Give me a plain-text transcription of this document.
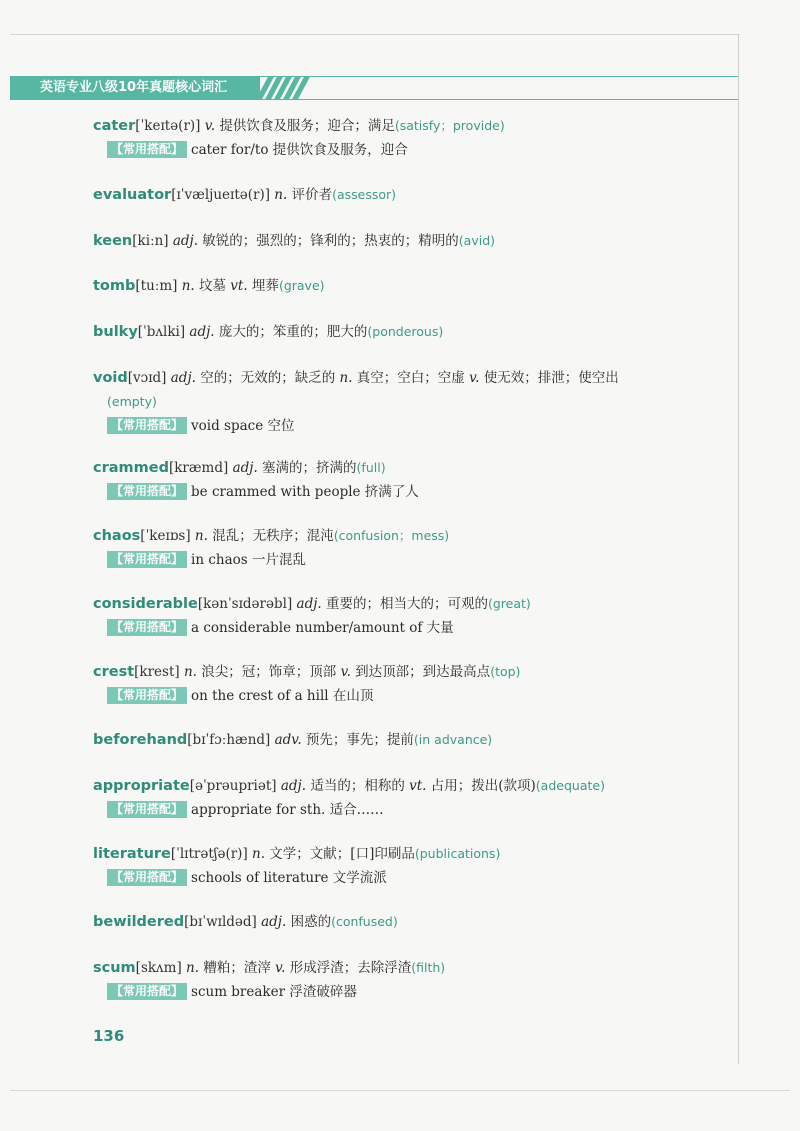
英语专业八级10年真题核心词汇
cater[ˈkeɪtə(r)] v. 提供饮食及服务；迎合；满足(satisfy；provide)
【常用搭配】 cater for/to 提供饮食及服务，迎合
evaluator[ɪˈvæljueɪtə(r)] n. 评价者(assessor)
keen[kiːn] adj. 敏锐的；强烈的；锋利的；热衷的；精明的(avid)
tomb[tuːm] n. 坟墓 vt. 埋葬(grave)
bulky[ˈbʌlki] adj. 庞大的；笨重的；肥大的(ponderous)
void[vɔɪd] adj. 空的；无效的；缺乏的 n. 真空；空白；空虚 v. 使无效；排泄；使空出
(empty)
【常用搭配】 void space 空位
crammed[kræmd] adj. 塞满的；挤满的(full)
【常用搭配】 be crammed with people 挤满了人
chaos[ˈkeɪɒs] n. 混乱；无秩序；混沌(confusion；mess)
【常用搭配】 in chaos 一片混乱
considerable[kənˈsɪdərəbl] adj. 重要的；相当大的；可观的(great)
【常用搭配】 a considerable number/amount of 大量
crest[krest] n. 浪尖；冠；饰章；顶部 v. 到达顶部；到达最高点(top)
【常用搭配】 on the crest of a hill 在山顶
beforehand[bɪˈfɔːhænd] adv. 预先；事先；提前(in advance)
appropriate[əˈprəupriət] adj. 适当的；相称的 vt. 占用；拨出(款项)(adequate)
【常用搭配】 appropriate for sth. 适合……
literature[ˈlɪtrətʃə(r)] n. 文学；文献；[口]印刷品(publications)
【常用搭配】 schools of literature 文学流派
bewildered[bɪˈwɪldəd] adj. 困惑的(confused)
scum[skʌm] n. 糟粕；渣滓 v. 形成浮渣；去除浮渣(filth)
【常用搭配】 scum breaker 浮渣破碎器
136
